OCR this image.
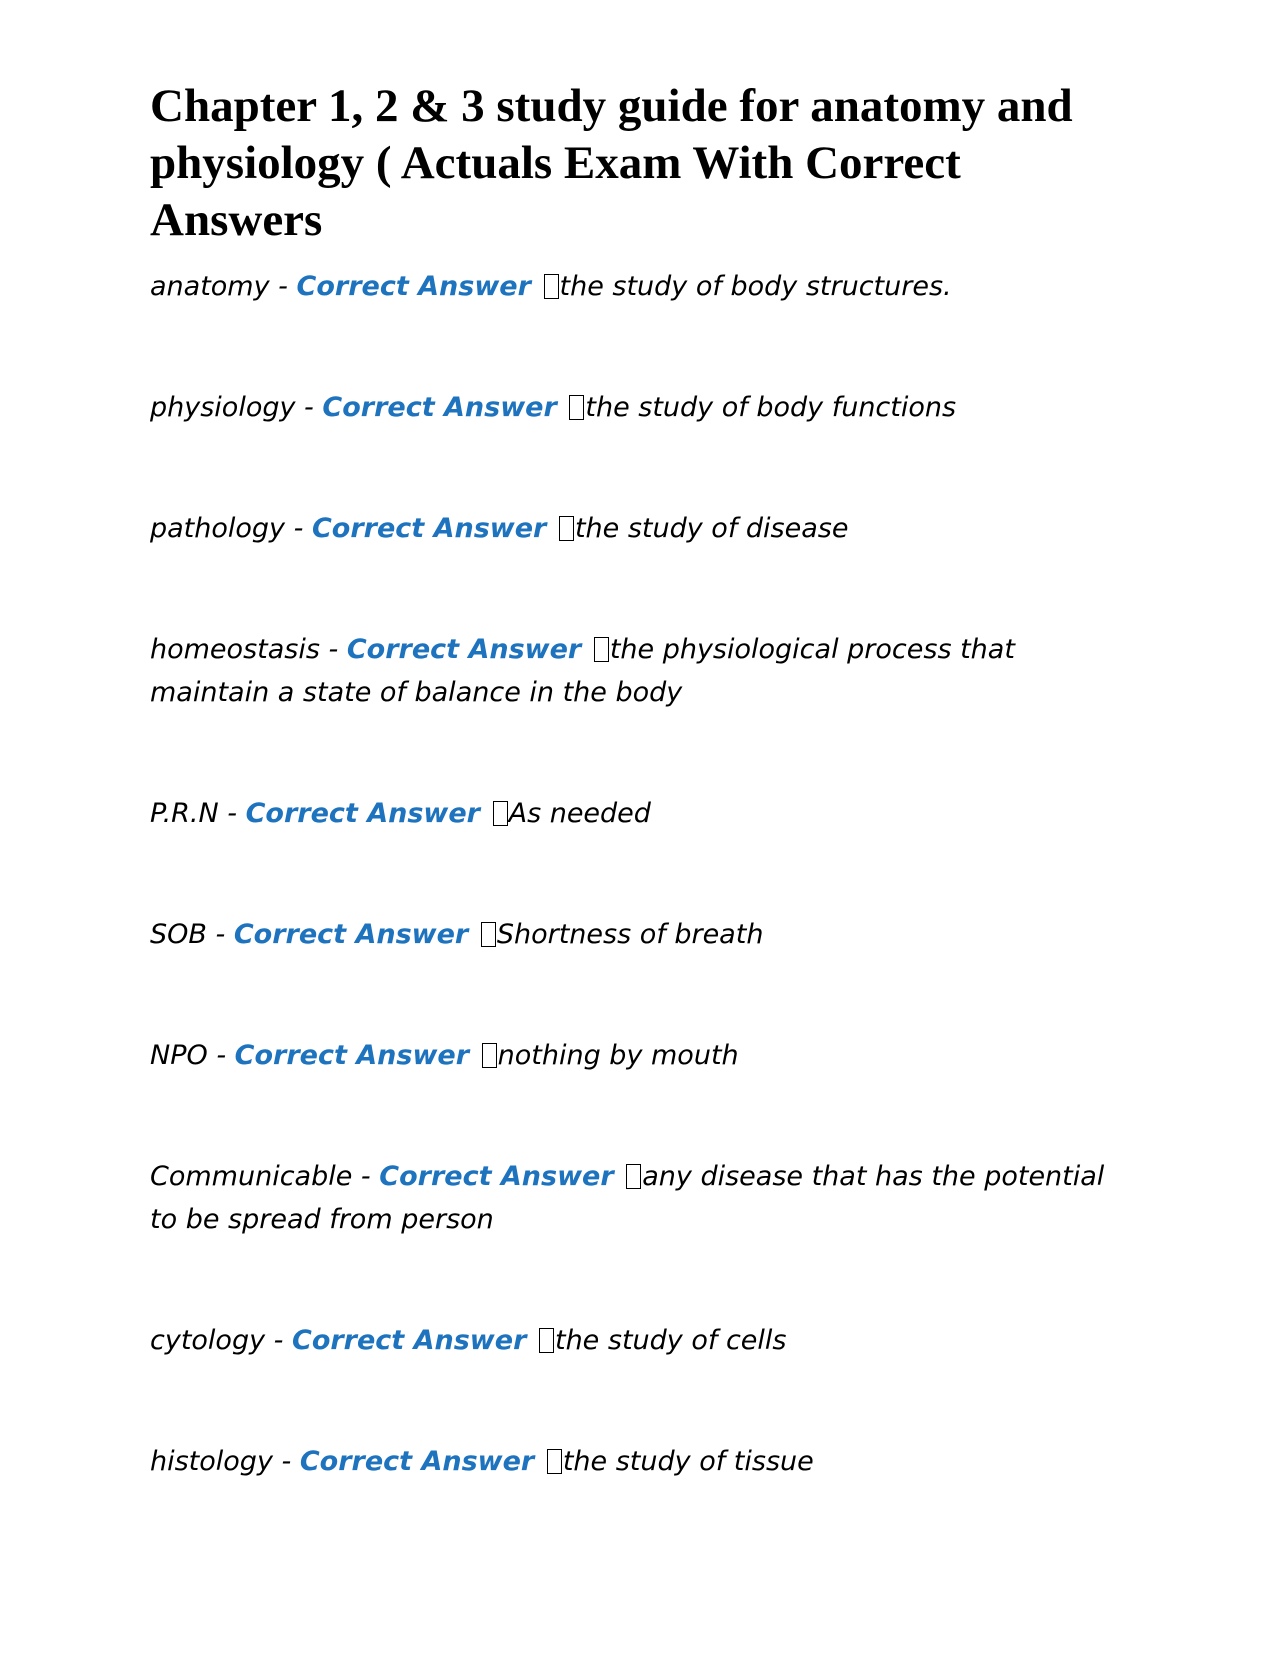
Chapter 1, 2 & 3 study guide for anatomy and physiology ( Actuals Exam With Correct Answers

anatomy - Correct Answer the study of body structures.

physiology - Correct Answer the study of body functions

pathology - Correct Answer the study of disease

homeostasis - Correct Answer the physiological process that maintain a state of balance in the body

P.R.N - Correct Answer As needed

SOB - Correct Answer Shortness of breath

NPO - Correct Answer nothing by mouth

Communicable - Correct Answer any disease that has the potential to be spread from person

cytology - Correct Answer the study of cells

histology - Correct Answer the study of tissue
